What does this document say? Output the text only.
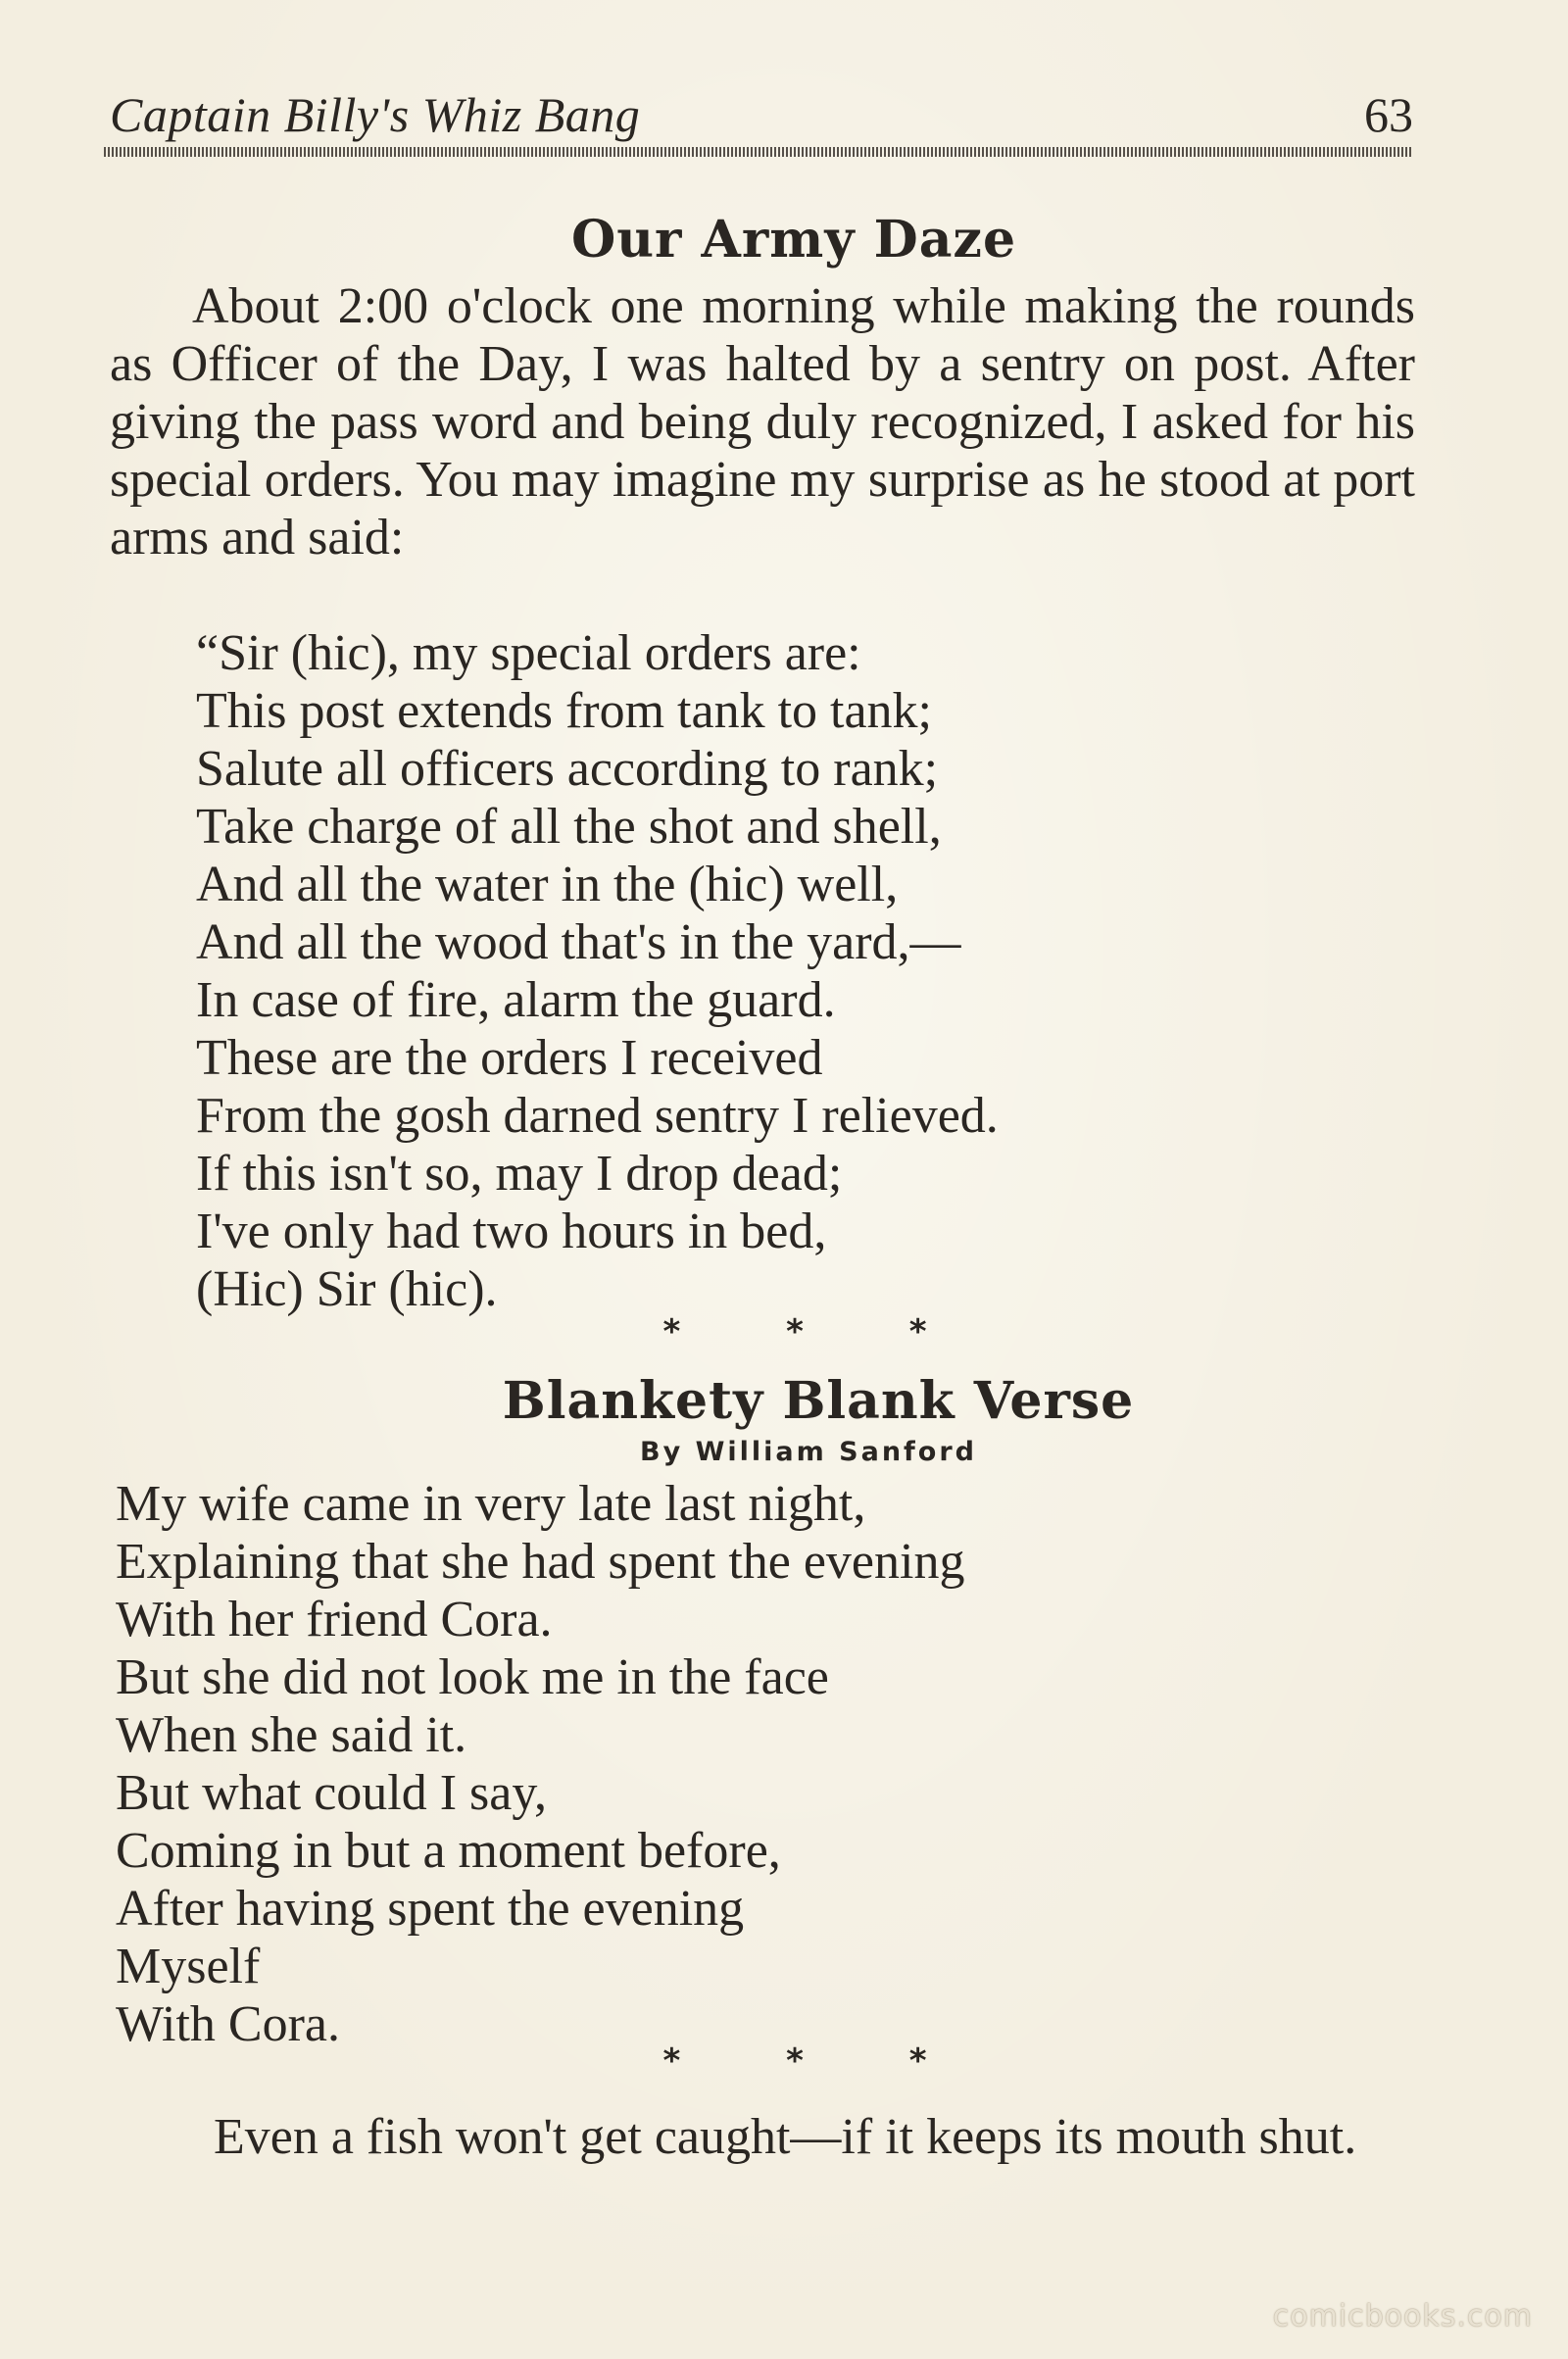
Captain Billy's Whiz Bang	63
Our Army Daze

About 2:00 o'clock one morning while making the rounds as Officer of the Day, I was halted by a sentry on post. After giving the pass word and being duly recognized, I asked for his special orders. You may imagine my surprise as he stood at port arms and said:

“Sir (hic), my special orders are:
This post extends from tank to tank;
Salute all officers according to rank;
Take charge of all the shot and shell,
And all the water in the (hic) well,
And all the wood that's in the yard,—
In case of fire, alarm the guard.
These are the orders I received
From the gosh darned sentry I relieved.
If this isn't so, may I drop dead;
I've only had two hours in bed,
(Hic) Sir (hic).
* * *
Blankety Blank Verse
By William Sanford
My wife came in very late last night,
Explaining that she had spent the evening
With her friend Cora.
But she did not look me in the face
When she said it.
But what could I say,
Coming in but a moment before,
After having spent the evening
Myself
With Cora.
* * *

Even a fish won't get caught—if it keeps its mouth shut.

comicbooks.com
